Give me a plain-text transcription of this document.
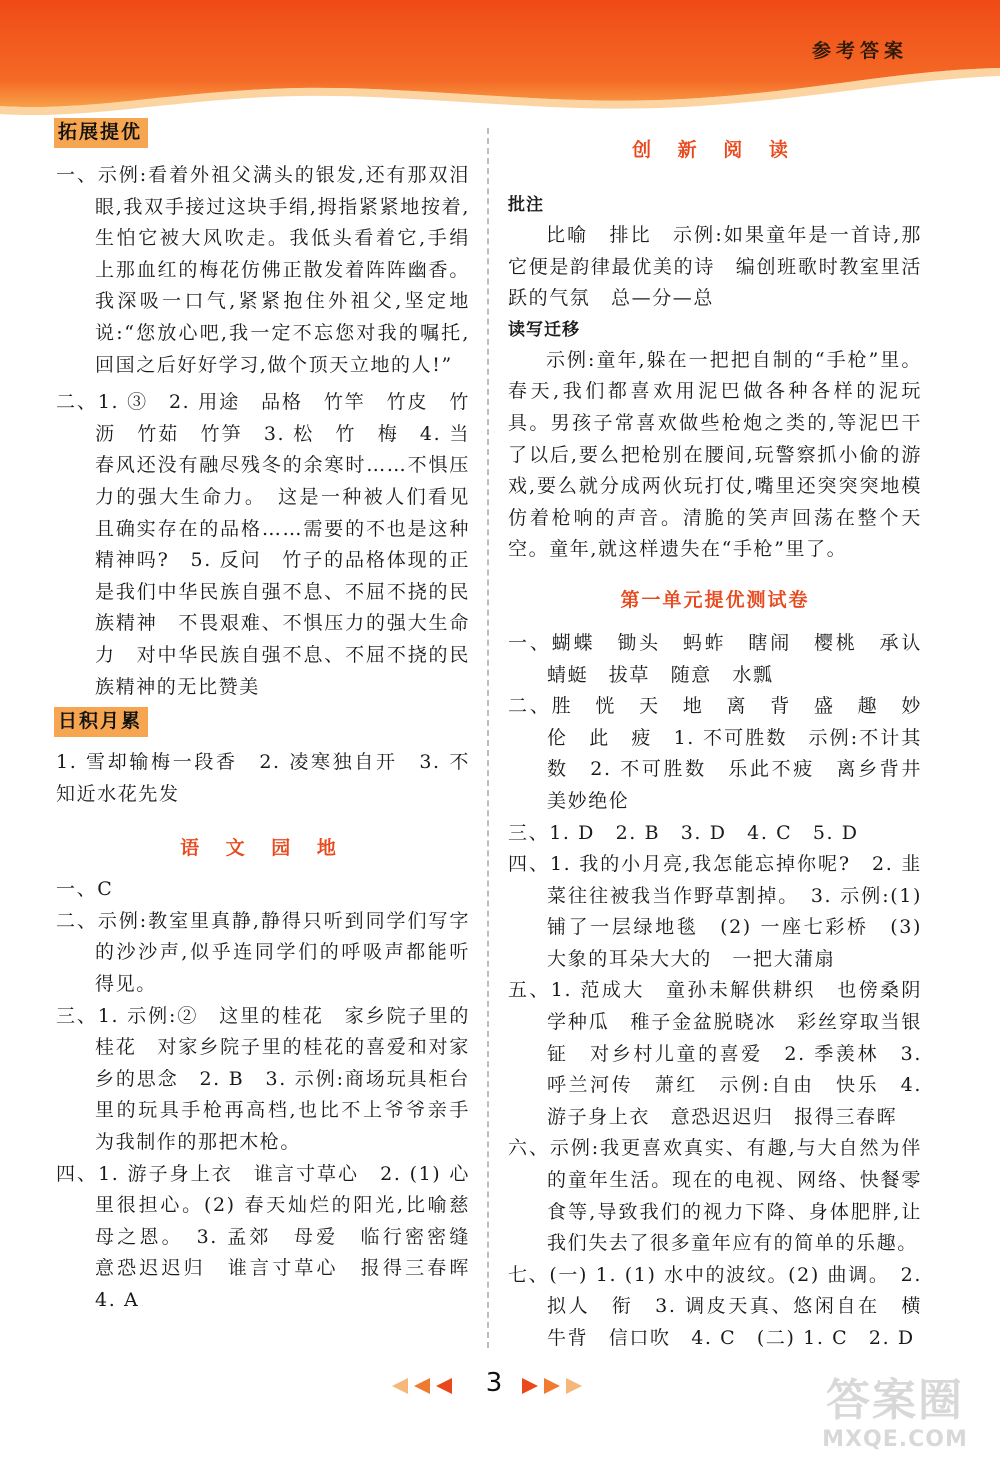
参考答案
拓展提优
一、示例:看着外祖父满头的银发,还有那双泪眼,我双手接过这块手绢,拇指紧紧地按着,生怕它被大风吹走。我低头看着它,手绢上那血红的梅花仿佛正散发着阵阵幽香。我深吸一口气,紧紧抱住外祖父,坚定地说:“您放心吧,我一定不忘您对我的嘱托,回国之后好好学习,做个顶天立地的人!”
二、1. ③　2. 用途　品格　竹竿　竹皮　竹沥　竹茹　竹笋　3. 松　竹　梅　4. 当春风还没有融尽残冬的余寒时……不惧压力的强大生命力。　这是一种被人们看见且确实存在的品格……需要的不也是这种精神吗?　5. 反问　竹子的品格体现的正是我们中华民族自强不息、不屈不挠的民族精神　不畏艰难、不惧压力的强大生命力　对中华民族自强不息、不屈不挠的民族精神的无比赞美
日积月累
1. 雪却输梅一段香　2. 凌寒独自开　3. 不知近水花先发
语 文 园 地
一、C
二、示例:教室里真静,静得只听到同学们写字的沙沙声,似乎连同学们的呼吸声都能听得见。
三、1. 示例:②　这里的桂花　家乡院子里的桂花　对家乡院子里的桂花的喜爱和对家乡的思念　2. B　3. 示例:商场玩具柜台里的玩具手枪再高档,也比不上爷爷亲手为我制作的那把木枪。
四、1. 游子身上衣　谁言寸草心　2. (1) 心里很担心。(2) 春天灿烂的阳光,比喻慈母之恩。　3. 孟郊　母爱　临行密密缝　意恐迟迟归　谁言寸草心　报得三春晖　4. A
创 新 阅 读
批注
比喻　排比　示例:如果童年是一首诗,那它便是韵律最优美的诗　编创班歌时教室里活跃的气氛　总—分—总
读写迁移
示例:童年,躲在一把把自制的“手枪”里。春天,我们都喜欢用泥巴做各种各样的泥玩具。男孩子常喜欢做些枪炮之类的,等泥巴干了以后,要么把枪别在腰间,玩警察抓小偷的游戏,要么就分成两伙玩打仗,嘴里还突突突地模仿着枪响的声音。清脆的笑声回荡在整个天空。童年,就这样遗失在“手枪”里了。
第一单元提优测试卷
一、蝴蝶　锄头　蚂蚱　瞎闹　樱桃　承认　蜻蜓　拔草　随意　水瓢
二、胜　恍　天　地　离　背　盛　趣　妙　伦　此　疲　1. 不可胜数　示例:不计其数　2. 不可胜数　乐此不疲　离乡背井　美妙绝伦
三、1. D　2. B　3. D　4. C　5. D
四、1. 我的小月亮,我怎能忘掉你呢?　2. 韭菜往往被我当作野草割掉。　3. 示例:(1) 铺了一层绿地毯　(2) 一座七彩桥　(3) 大象的耳朵大大的　一把大蒲扇
五、1. 范成大　童孙未解供耕织　也傍桑阴学种瓜　稚子金盆脱晓冰　彩丝穿取当银钲　对乡村儿童的喜爱　2. 季羡林　3. 呼兰河传　萧红　示例:自由　快乐　4. 游子身上衣　意恐迟迟归　报得三春晖
六、示例:我更喜欢真实、有趣,与大自然为伴的童年生活。现在的电视、网络、快餐零食等,导致我们的视力下降、身体肥胖,让我们失去了很多童年应有的简单的乐趣。
七、(一) 1. (1) 水中的波纹。(2) 曲调。　2. 拟人　衔　3. 调皮天真、悠闲自在　横牛背　信口吹　4. C　(二) 1. C　2. D
3	答案圈
MXQE.COM
